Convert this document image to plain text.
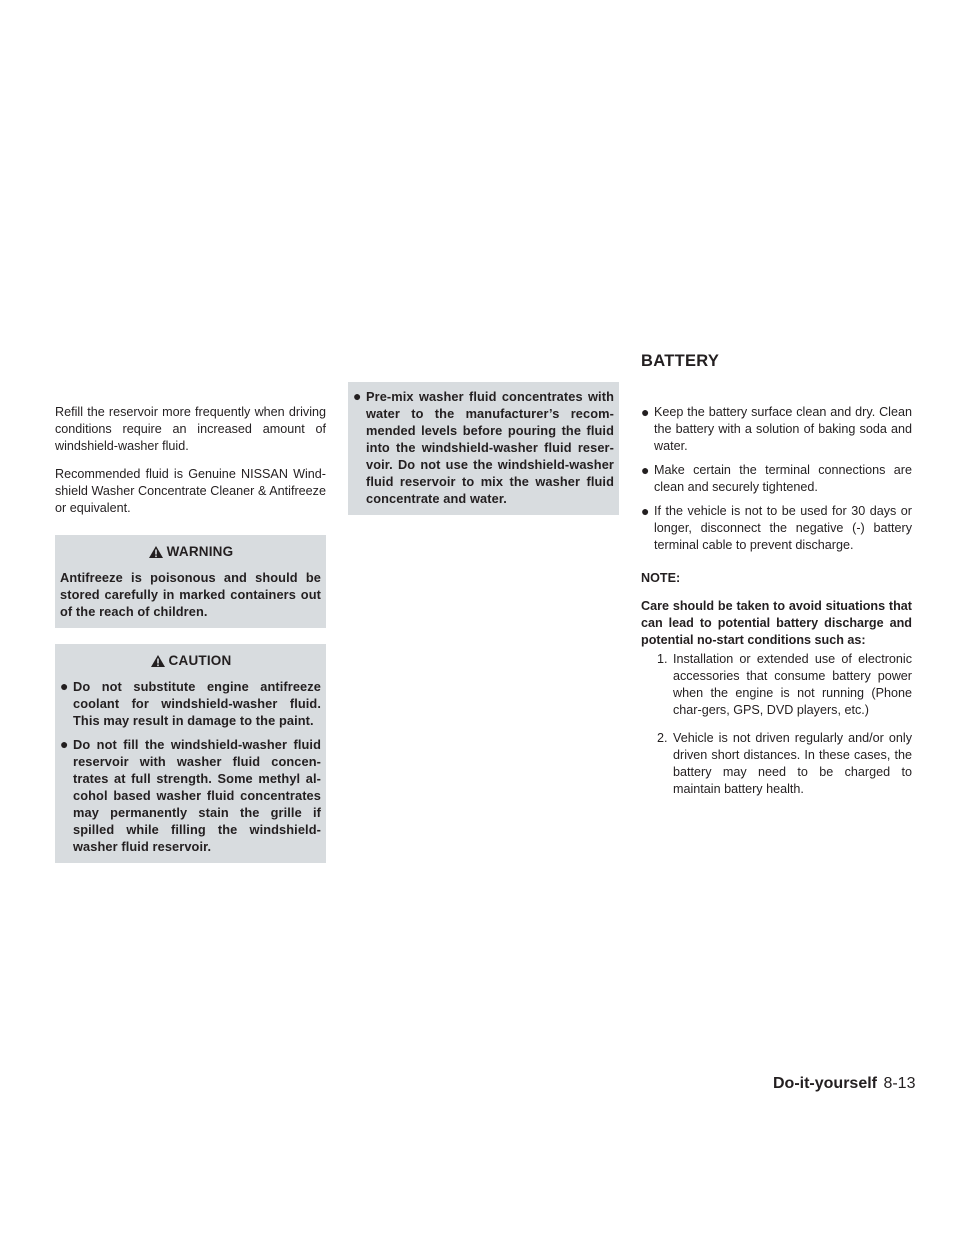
Refill the reservoir more frequently when driving conditions require an increased amount of windshield-washer fluid.

Recommended fluid is Genuine NISSAN Wind-shield Washer Concentrate Cleaner & Antifreeze or equivalent.

WARNING
Antifreeze is poisonous and should be stored carefully in marked containers out of the reach of children.
CAUTION
● Do not substitute engine antifreeze coolant for windshield-washer fluid. This may result in damage to the paint.
● Do not fill the windshield-washer fluid reservoir with washer fluid concen-trates at full strength. Some methyl al-cohol based washer fluid concentrates may permanently stain the grille if spilled while filling the windshield-washer fluid reservoir.
● Pre-mix washer fluid concentrates with water to the manufacturer’s recom-mended levels before pouring the fluid into the windshield-washer fluid reser-voir. Do not use the windshield-washer fluid reservoir to mix the washer fluid concentrate and water.
BATTERY
● Keep the battery surface clean and dry. Clean the battery with a solution of baking soda and water.
● Make certain the terminal connections are clean and securely tightened.
● If the vehicle is not to be used for 30 days or longer, disconnect the negative (-) battery terminal cable to prevent discharge.
NOTE:
Care should be taken to avoid situations that can lead to potential battery discharge and potential no-start conditions such as:
1. Installation or extended use of electronic accessories that consume battery power when the engine is not running (Phone char-gers, GPS, DVD players, etc.)
2. Vehicle is not driven regularly and/or only driven short distances. In these cases, the battery may need to be charged to maintain battery health.
Do-it-yourself 8-13
